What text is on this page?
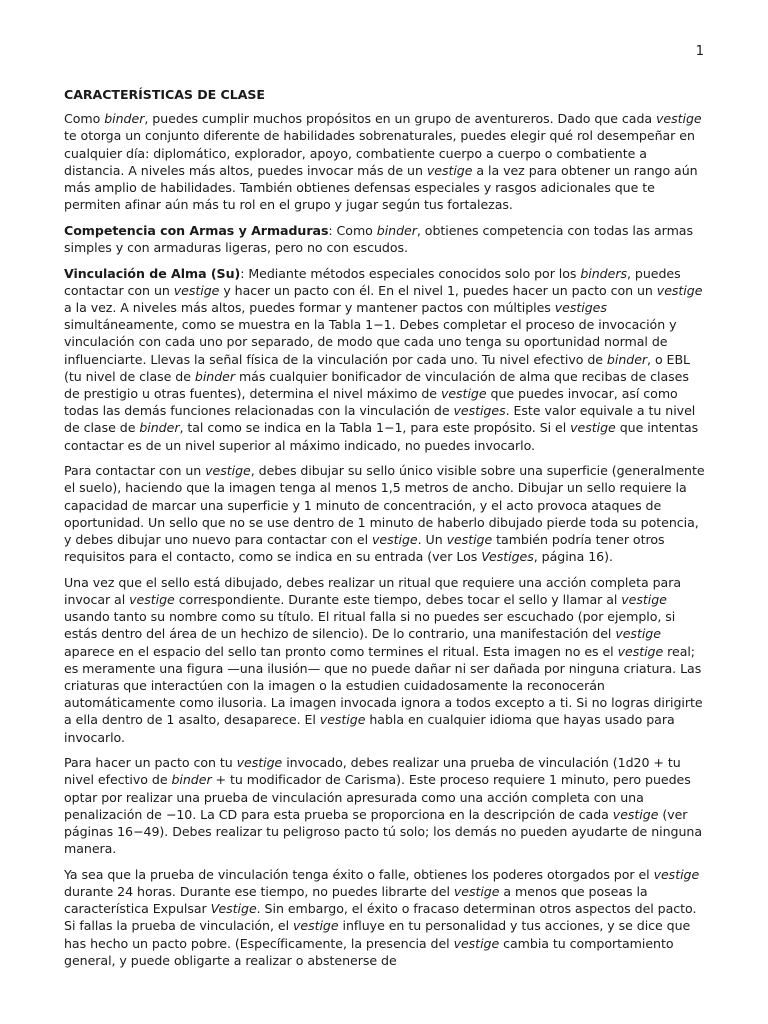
1
CARACTERÍSTICAS DE CLASE

Como binder, puedes cumplir muchos propósitos en un grupo de aventureros. Dado que cada vestige te otorga un conjunto diferente de habilidades sobrenaturales, puedes elegir qué rol desempeñar en cualquier día: diplomático, explorador, apoyo, combatiente cuerpo a cuerpo o combatiente a distancia. A niveles más altos, puedes invocar más de un vestige a la vez para obtener un rango aún más amplio de habilidades. También obtienes defensas especiales y rasgos adicionales que te permiten afinar aún más tu rol en el grupo y jugar según tus fortalezas.

Competencia con Armas y Armaduras: Como binder, obtienes competencia con todas las armas simples y con armaduras ligeras, pero no con escudos.

Vinculación de Alma (Su): Mediante métodos especiales conocidos solo por los binders, puedes contactar con un vestige y hacer un pacto con él. En el nivel 1, puedes hacer un pacto con un vestige a la vez. A niveles más altos, puedes formar y mantener pactos con múltiples vestiges simultáneamente, como se muestra en la Tabla 1−1. Debes completar el proceso de invocación y vinculación con cada uno por separado, de modo que cada uno tenga su oportunidad normal de influenciarte. Llevas la señal física de la vinculación por cada uno. Tu nivel efectivo de binder, o EBL (tu nivel de clase de binder más cualquier bonificador de vinculación de alma que recibas de clases de prestigio u otras fuentes), determina el nivel máximo de vestige que puedes invocar, así como todas las demás funciones relacionadas con la vinculación de vestiges. Este valor equivale a tu nivel de clase de binder, tal como se indica en la Tabla 1−1, para este propósito. Si el vestige que intentas contactar es de un nivel superior al máximo indicado, no puedes invocarlo.

Para contactar con un vestige, debes dibujar su sello único visible sobre una superficie (generalmente el suelo), haciendo que la imagen tenga al menos 1,5 metros de ancho. Dibujar un sello requiere la capacidad de marcar una superficie y 1 minuto de concentración, y el acto provoca ataques de oportunidad. Un sello que no se use dentro de 1 minuto de haberlo dibujado pierde toda su potencia, y debes dibujar uno nuevo para contactar con el vestige. Un vestige también podría tener otros requisitos para el contacto, como se indica en su entrada (ver Los Vestiges, página 16).

Una vez que el sello está dibujado, debes realizar un ritual que requiere una acción completa para invocar al vestige correspondiente. Durante este tiempo, debes tocar el sello y llamar al vestige usando tanto su nombre como su título. El ritual falla si no puedes ser escuchado (por ejemplo, si estás dentro del área de un hechizo de silencio). De lo contrario, una manifestación del vestige aparece en el espacio del sello tan pronto como termines el ritual. Esta imagen no es el vestige real; es meramente una figura —una ilusión— que no puede dañar ni ser dañada por ninguna criatura. Las criaturas que interactúen con la imagen o la estudien cuidadosamente la reconocerán automáticamente como ilusoria. La imagen invocada ignora a todos excepto a ti. Si no logras dirigirte a ella dentro de 1 asalto, desaparece. El vestige habla en cualquier idioma que hayas usado para invocarlo.

Para hacer un pacto con tu vestige invocado, debes realizar una prueba de vinculación (1d20 + tu nivel efectivo de binder + tu modificador de Carisma). Este proceso requiere 1 minuto, pero puedes optar por realizar una prueba de vinculación apresurada como una acción completa con una penalización de −10. La CD para esta prueba se proporciona en la descripción de cada vestige (ver páginas 16−49). Debes realizar tu peligroso pacto tú solo; los demás no pueden ayudarte de ninguna manera.

Ya sea que la prueba de vinculación tenga éxito o falle, obtienes los poderes otorgados por el vestige durante 24 horas. Durante ese tiempo, no puedes librarte del vestige a menos que poseas la característica Expulsar Vestige. Sin embargo, el éxito o fracaso determinan otros aspectos del pacto. Si fallas la prueba de vinculación, el vestige influye en tu personalidad y tus acciones, y se dice que has hecho un pacto pobre. (Específicamente, la presencia del vestige cambia tu comportamiento general, y puede obligarte a realizar o abstenerse de
